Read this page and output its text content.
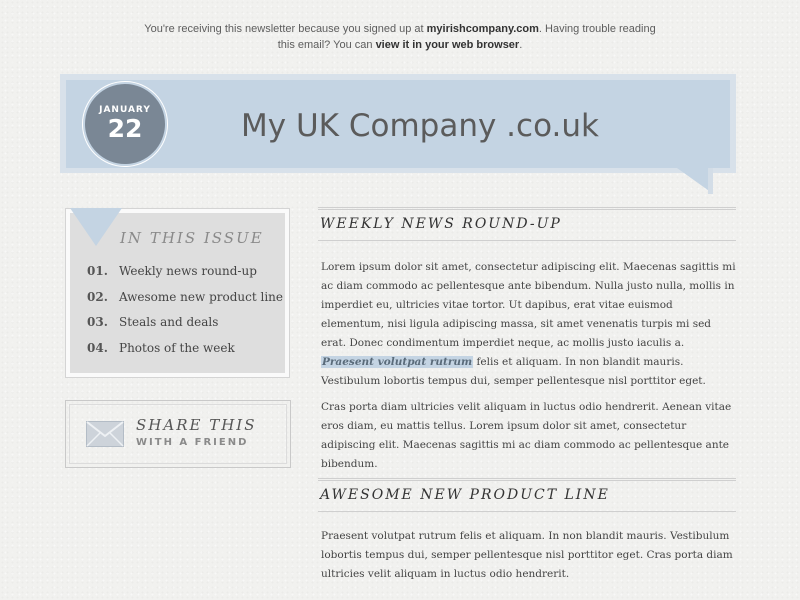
You're receiving this newsletter because you signed up at myirishcompany.com. Having trouble reading this email? You can view it in your web browser.
JANUARY
22	My UK Company .co.uk
IN THIS ISSUE
01. Weekly news round-up
02. Awesome new product line
03. Steals and deals
04. Photos of the week
SHARE THIS
WITH A FRIEND
WEEKLY NEWS ROUND-UP

Lorem ipsum dolor sit amet, consectetur adipiscing elit. Maecenas sagittis mi ac diam commodo ac pellentesque ante bibendum. Nulla justo nulla, mollis in imperdiet eu, ultricies vitae tortor. Ut dapibus, erat vitae euismod elementum, nisi ligula adipiscing massa, sit amet venenatis turpis mi sed erat. Donec condimentum imperdiet neque, ac mollis justo iaculis a. Praesent volutpat rutrum felis et aliquam. In non blandit mauris. Vestibulum lobortis tempus dui, semper pellentesque nisl porttitor eget.

Cras porta diam ultricies velit aliquam in luctus odio hendrerit. Aenean vitae eros diam, eu mattis tellus. Lorem ipsum dolor sit amet, consectetur adipiscing elit. Maecenas sagittis mi ac diam commodo ac pellentesque ante bibendum.

AWESOME NEW PRODUCT LINE

Praesent volutpat rutrum felis et aliquam. In non blandit mauris. Vestibulum lobortis tempus dui, semper pellentesque nisl porttitor eget. Cras porta diam ultricies velit aliquam in luctus odio hendrerit.
